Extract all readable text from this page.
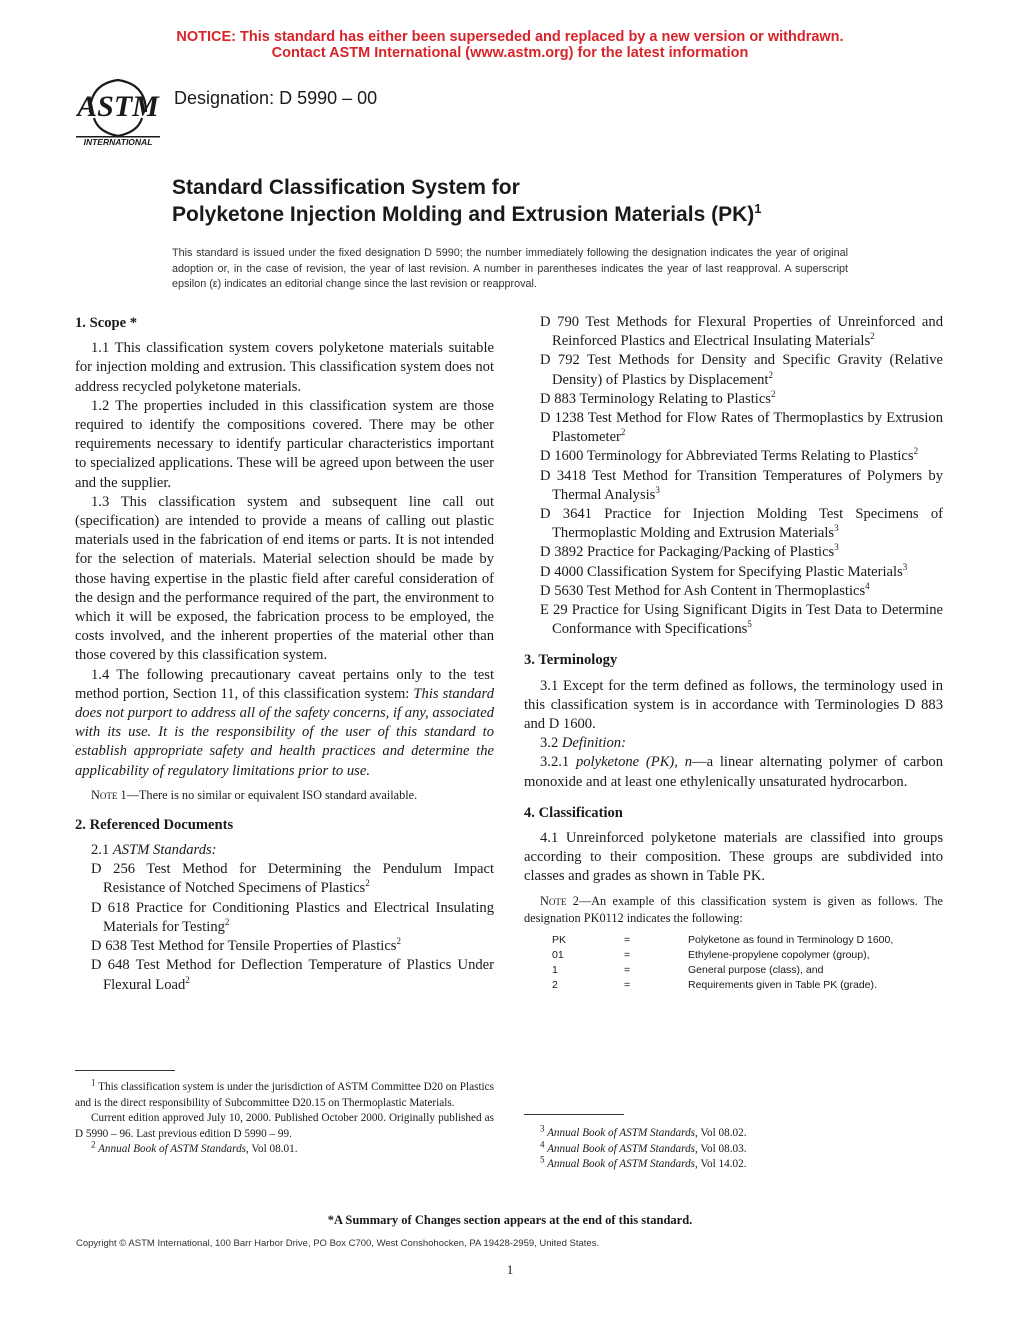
NOTICE: This standard has either been superseded and replaced by a new version or withdrawn.
Contact ASTM International (www.astm.org) for the latest information
ASTM
INTERNATIONAL
Designation: D 5990 – 00
Standard Classification System for
Polyketone Injection Molding and Extrusion Materials (PK)$^1$
This standard is issued under the fixed designation D 5990; the number immediately following the designation indicates the year of original adoption or, in the case of revision, the year of last revision. A number in parentheses indicates the year of last reapproval. A superscript epsilon (ε) indicates an editorial change since the last revision or reapproval.

1. Scope *

1.1 This classification system covers polyketone materials suitable for injection molding and extrusion. This classification system does not address recycled polyketone materials.

1.2 The properties included in this classification system are those required to identify the compositions covered. There may be other requirements necessary to identify particular characteristics important to specialized applications. These will be agreed upon between the user and the supplier.

1.3 This classification system and subsequent line call out (specification) are intended to provide a means of calling out plastic materials used in the fabrication of end items or parts. It is not intended for the selection of materials. Material selection should be made by those having expertise in the plastic field after careful consideration of the design and the performance required of the part, the environment to which it will be exposed, the fabrication process to be employed, the costs involved, and the inherent properties of the material other than those covered by this classification system.

1.4 The following precautionary caveat pertains only to the test method portion, Section 11, of this classification system: This standard does not purport to address all of the safety concerns, if any, associated with its use. It is the responsibility of the user of this standard to establish appropriate safety and health practices and determine the applicability of regulatory limitations prior to use.

Note 1—There is no similar or equivalent ISO standard available.

2. Referenced Documents

2.1 ASTM Standards:

D 256 Test Method for Determining the Pendulum Impact Resistance of Notched Specimens of Plastics$^2$

D 618 Practice for Conditioning Plastics and Electrical Insulating Materials for Testing$^2$

D 638 Test Method for Tensile Properties of Plastics$^2$

D 648 Test Method for Deflection Temperature of Plastics Under Flexural Load$^2$

$^1$ This classification system is under the jurisdiction of ASTM Committee D20 on Plastics and is the direct responsibility of Subcommittee D20.15 on Thermoplastic Materials.

Current edition approved July 10, 2000. Published October 2000. Originally published as D 5990 – 96. Last previous edition D 5990 – 99.

$^2$ Annual Book of ASTM Standards, Vol 08.01.

D 790 Test Methods for Flexural Properties of Unreinforced and Reinforced Plastics and Electrical Insulating Materials$^2$

D 792 Test Methods for Density and Specific Gravity (Relative Density) of Plastics by Displacement$^2$

D 883 Terminology Relating to Plastics$^2$

D 1238 Test Method for Flow Rates of Thermoplastics by Extrusion Plastometer$^2$

D 1600 Terminology for Abbreviated Terms Relating to Plastics$^2$

D 3418 Test Method for Transition Temperatures of Polymers by Thermal Analysis$^3$

D 3641 Practice for Injection Molding Test Specimens of Thermoplastic Molding and Extrusion Materials$^3$

D 3892 Practice for Packaging/Packing of Plastics$^3$

D 4000 Classification System for Specifying Plastic Materials$^3$

D 5630 Test Method for Ash Content in Thermoplastics$^4$

E 29 Practice for Using Significant Digits in Test Data to Determine Conformance with Specifications$^5$

3. Terminology

3.1 Except for the term defined as follows, the terminology used in this classification system is in accordance with Terminologies D 883 and D 1600.

3.2 Definition:

3.2.1 polyketone (PK), n—a linear alternating polymer of carbon monoxide and at least one ethylenically unsaturated hydrocarbon.

4. Classification

4.1 Unreinforced polyketone materials are classified into groups according to their composition. These groups are subdivided into classes and grades as shown in Table PK.

Note 2—An example of this classification system is given as follows. The designation PK0112 indicates the following:

PK	=	Polyketone as found in Terminology D 1600,
01	=	Ethylene-propylene copolymer (group),
1	=	General purpose (class), and
2	=	Requirements given in Table PK (grade).

$^3$ Annual Book of ASTM Standards, Vol 08.02.

$^4$ Annual Book of ASTM Standards, Vol 08.03.

$^5$ Annual Book of ASTM Standards, Vol 14.02.

*A Summary of Changes section appears at the end of this standard.
Copyright © ASTM International, 100 Barr Harbor Drive, PO Box C700, West Conshohocken, PA 19428-2959, United States.
1
